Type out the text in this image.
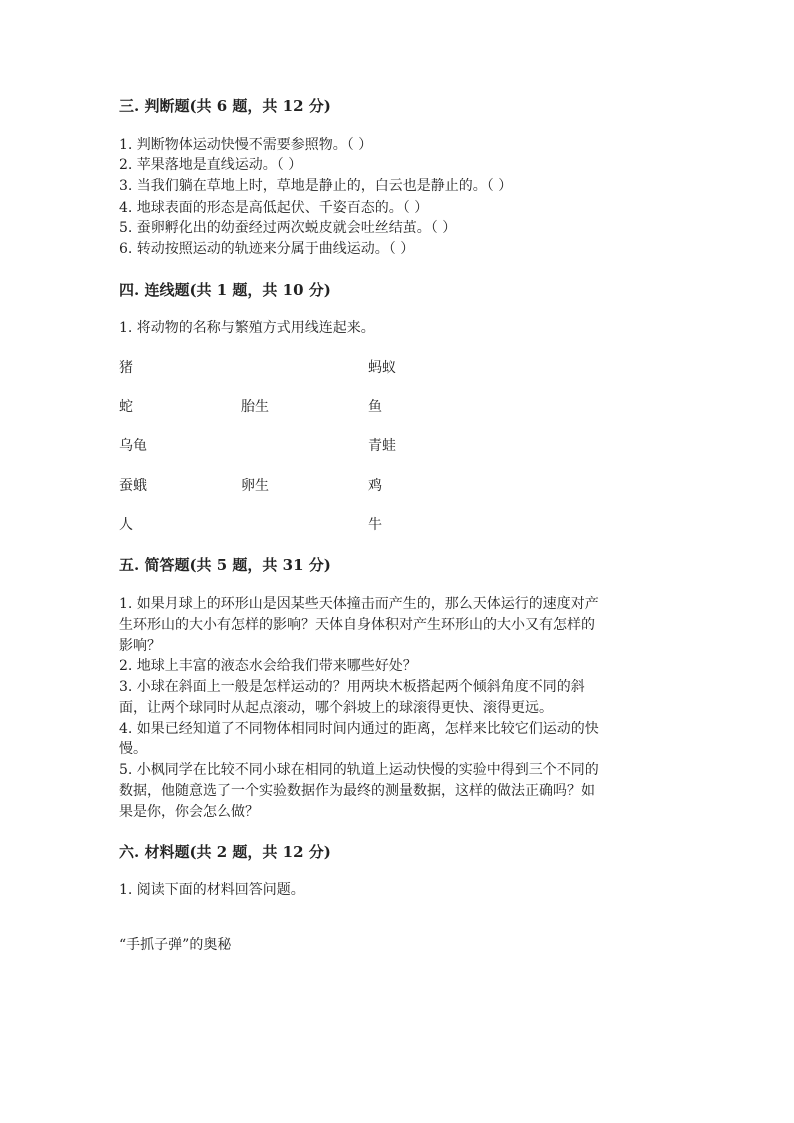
三. 判断题(共 6 题，共 12 分)
1. 判断物体运动快慢不需要参照物。（ ）
2. 苹果落地是直线运动。（ ）
3. 当我们躺在草地上时，草地是静止的，白云也是静止的。（ ）
4. 地球表面的形态是高低起伏、千姿百态的。（ ）
5. 蚕卵孵化出的幼蚕经过两次蜕皮就会吐丝结茧。（ ）
6. 转动按照运动的轨迹来分属于曲线运动。（ ）
四. 连线题(共 1 题，共 10 分)
1. 将动物的名称与繁殖方式用线连起来。
猪
蛇
乌龟
蚕蛾
人
胎生
卵生
蚂蚁
鱼
青蛙
鸡
牛
五. 简答题(共 5 题，共 31 分)
1. 如果月球上的环形山是因某些天体撞击而产生的，那么天体运行的速度对产
生环形山的大小有怎样的影响？天体自身体积对产生环形山的大小又有怎样的
影响？
2. 地球上丰富的液态水会给我们带来哪些好处？
3. 小球在斜面上一般是怎样运动的？用两块木板搭起两个倾斜角度不同的斜
面，让两个球同时从起点滚动，哪个斜坡上的球滚得更快、滚得更远。
4. 如果已经知道了不同物体相同时间内通过的距离，怎样来比较它们运动的快
慢。
5. 小枫同学在比较不同小球在相同的轨道上运动快慢的实验中得到三个不同的
数据，他随意选了一个实验数据作为最终的测量数据，这样的做法正确吗？如
果是你，你会怎么做？
六. 材料题(共 2 题，共 12 分)
1. 阅读下面的材料回答问题。
“手抓子弹”的奥秘
